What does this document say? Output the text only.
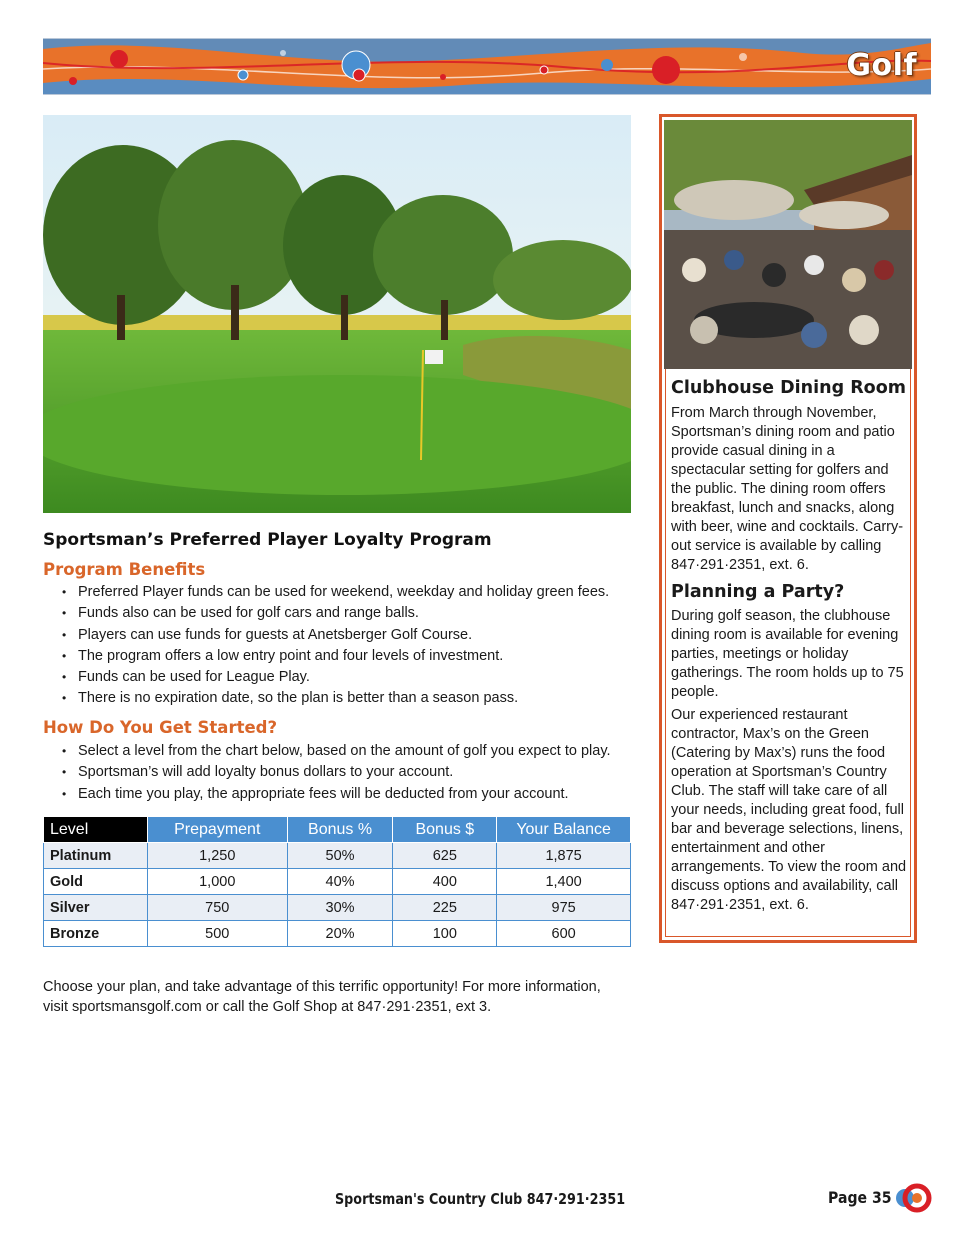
Golf
Clubhouse Dining Room
From March through November, Sportsman’s dining room and patio provide casual dining in a spectacular setting for golfers and the public. The dining room offers breakfast, lunch and snacks, along with beer, wine and cocktails. Carry-out service is available by calling 847·291·2351, ext. 6.
Planning a Party?
During golf season, the clubhouse dining room is available for evening parties, meetings or holiday gatherings. The room holds up to 75 people.
Our experienced restaurant contractor, Max’s on the Green (Catering by Max’s) runs the food operation at Sportsman’s Country Club. The staff will take care of all your needs, including great food, full bar and beverage selections, linens, entertainment and other arrangements. To view the room and discuss options and availability, call 847·291·2351, ext. 6.
Sportsman’s Preferred Player Loyalty Program
Program Benefits
• Preferred Player funds can be used for weekend, weekday and holiday green fees.
• Funds also can be used for golf cars and range balls.
• Players can use funds for guests at Anetsberger Golf Course.
• The program offers a low entry point and four levels of investment.
• Funds can be used for League Play.
• There is no expiration date, so the plan is better than a season pass.
How Do You Get Started?
• Select a level from the chart below, based on the amount of golf you expect to play.
• Sportsman’s will add loyalty bonus dollars to your account.
• Each time you play, the appropriate fees will be deducted from your account.
Level	Prepayment	Bonus %	Bonus $	Your Balance
Platinum	1,250	50%	625	1,875
Gold	1,000	40%	400	1,400
Silver	750	30%	225	975
Bronze	500	20%	100	600
Choose your plan, and take advantage of this terrific opportunity! For more information,
visit sportsmansgolf.com or call the Golf Shop at 847·291·2351, ext 3.
Sportsman's Country Club 847·291·2351	Page 35
